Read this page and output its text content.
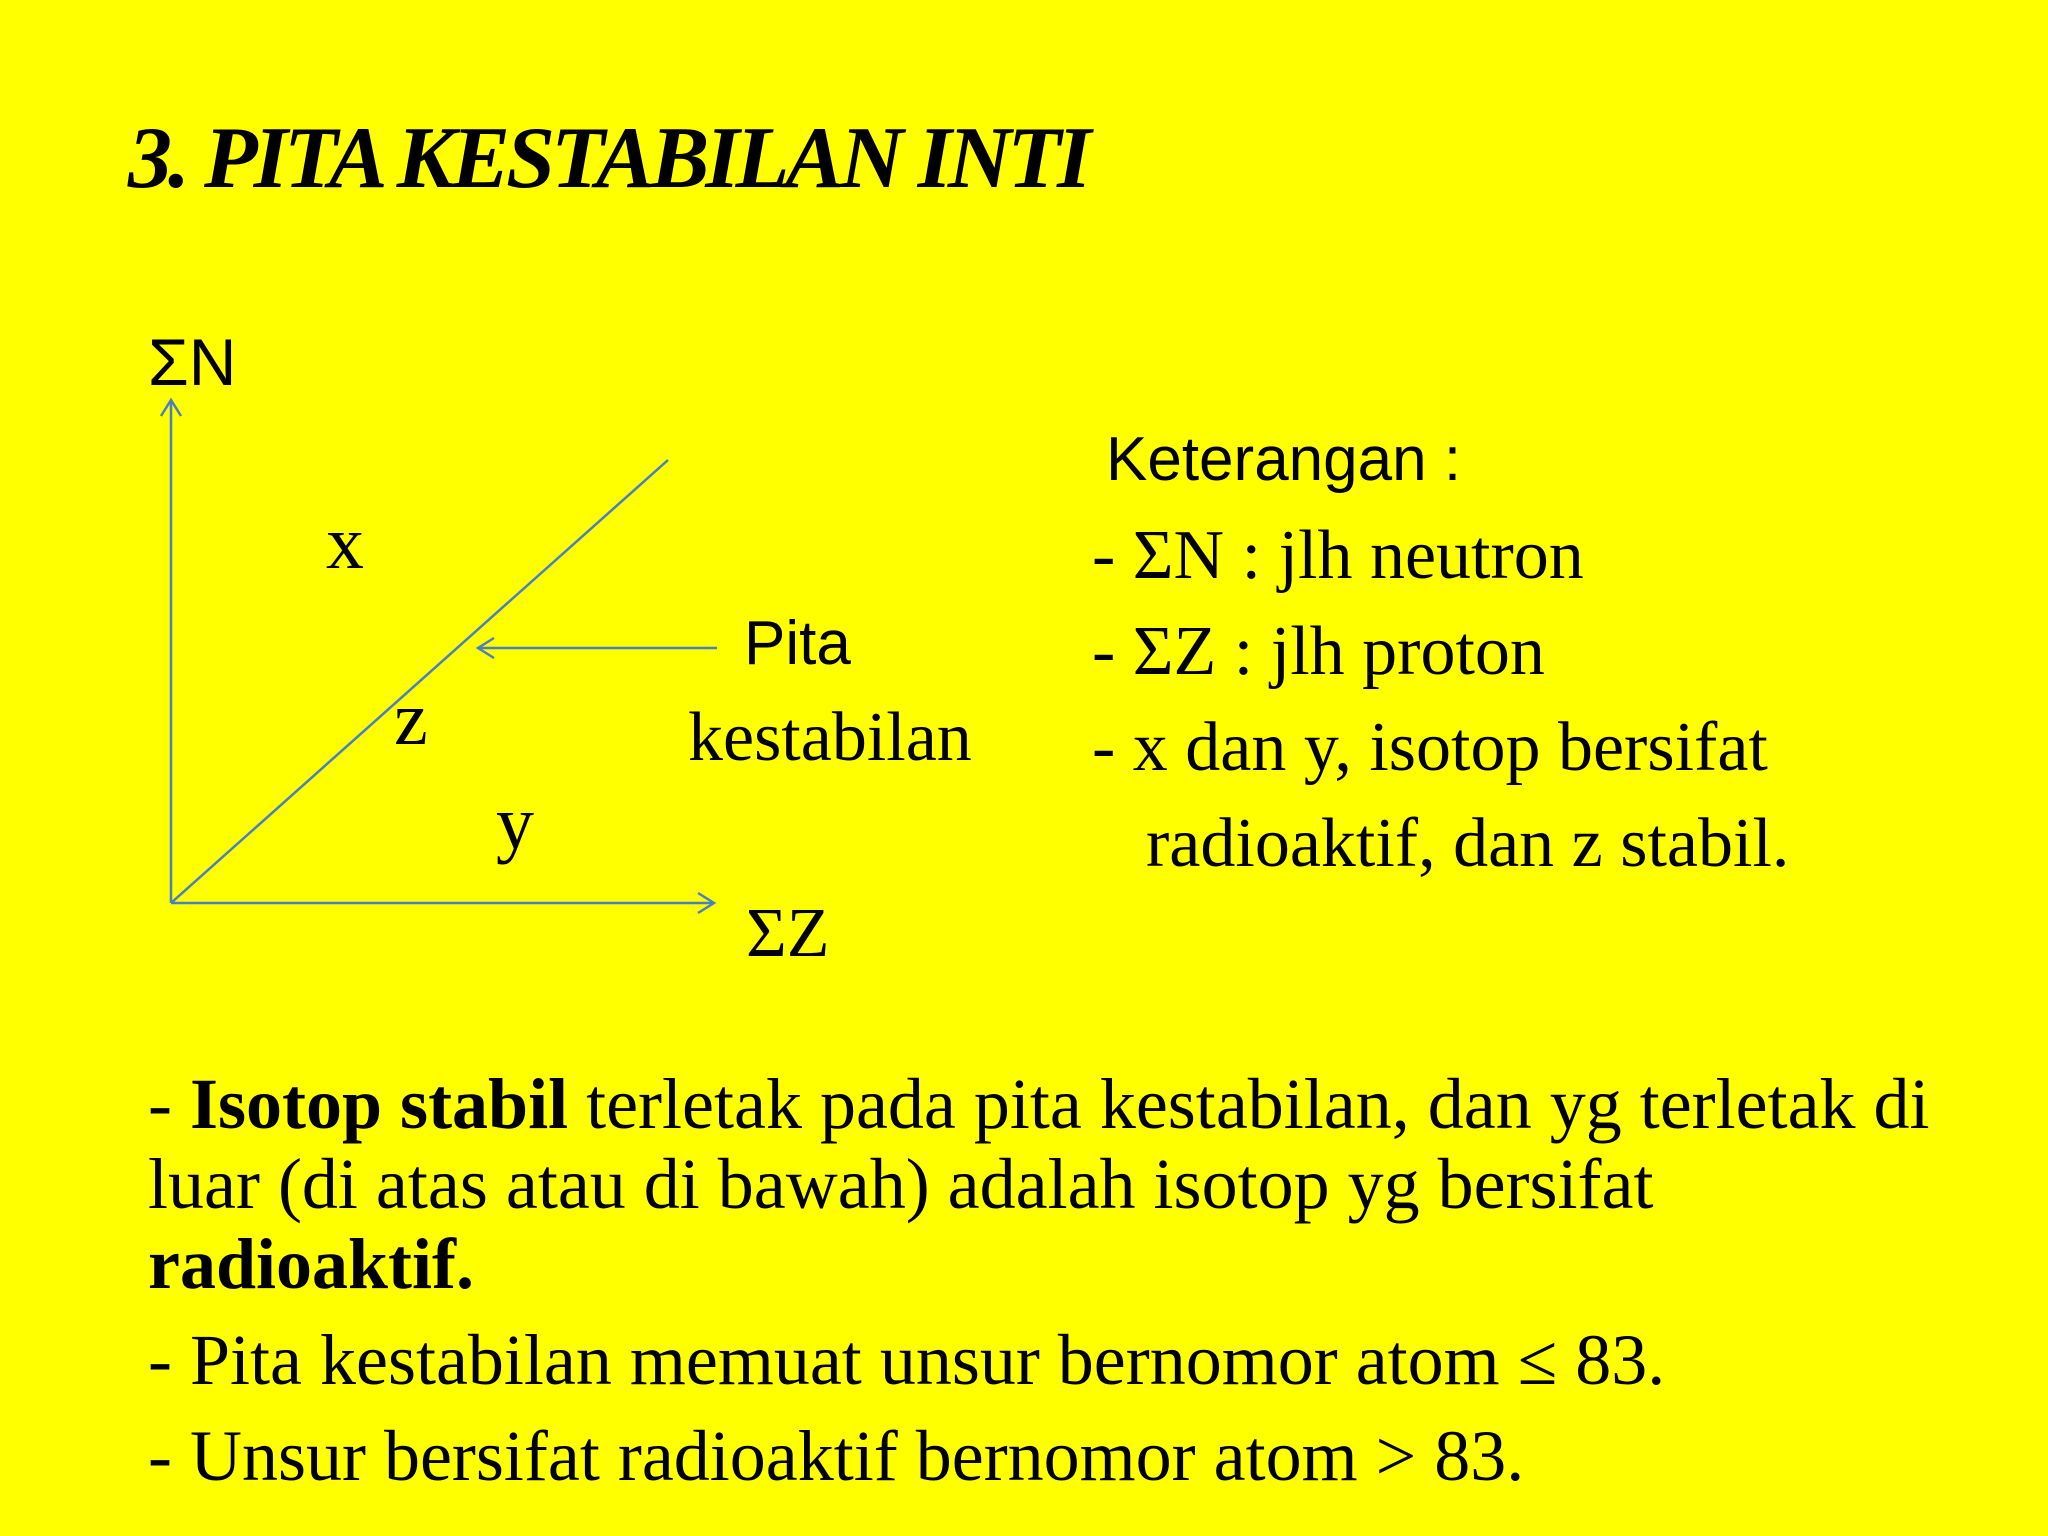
3. PITA KESTABILAN INTI
ΣN
ΣZ
x
z
y
Pita
kestabilan
Keterangan :
- ΣN : jlh neutron
- ΣZ : jlh proton
- x dan y, isotop bersifat
radioaktif, dan z stabil.

- Isotop stabil terletak pada pita kestabilan, dan yg terletak di luar (di atas atau di bawah) adalah isotop yg bersifat radioaktif.

- Pita kestabilan memuat unsur bernomor atom ≤ 83.

- Unsur bersifat radioaktif bernomor atom > 83.
